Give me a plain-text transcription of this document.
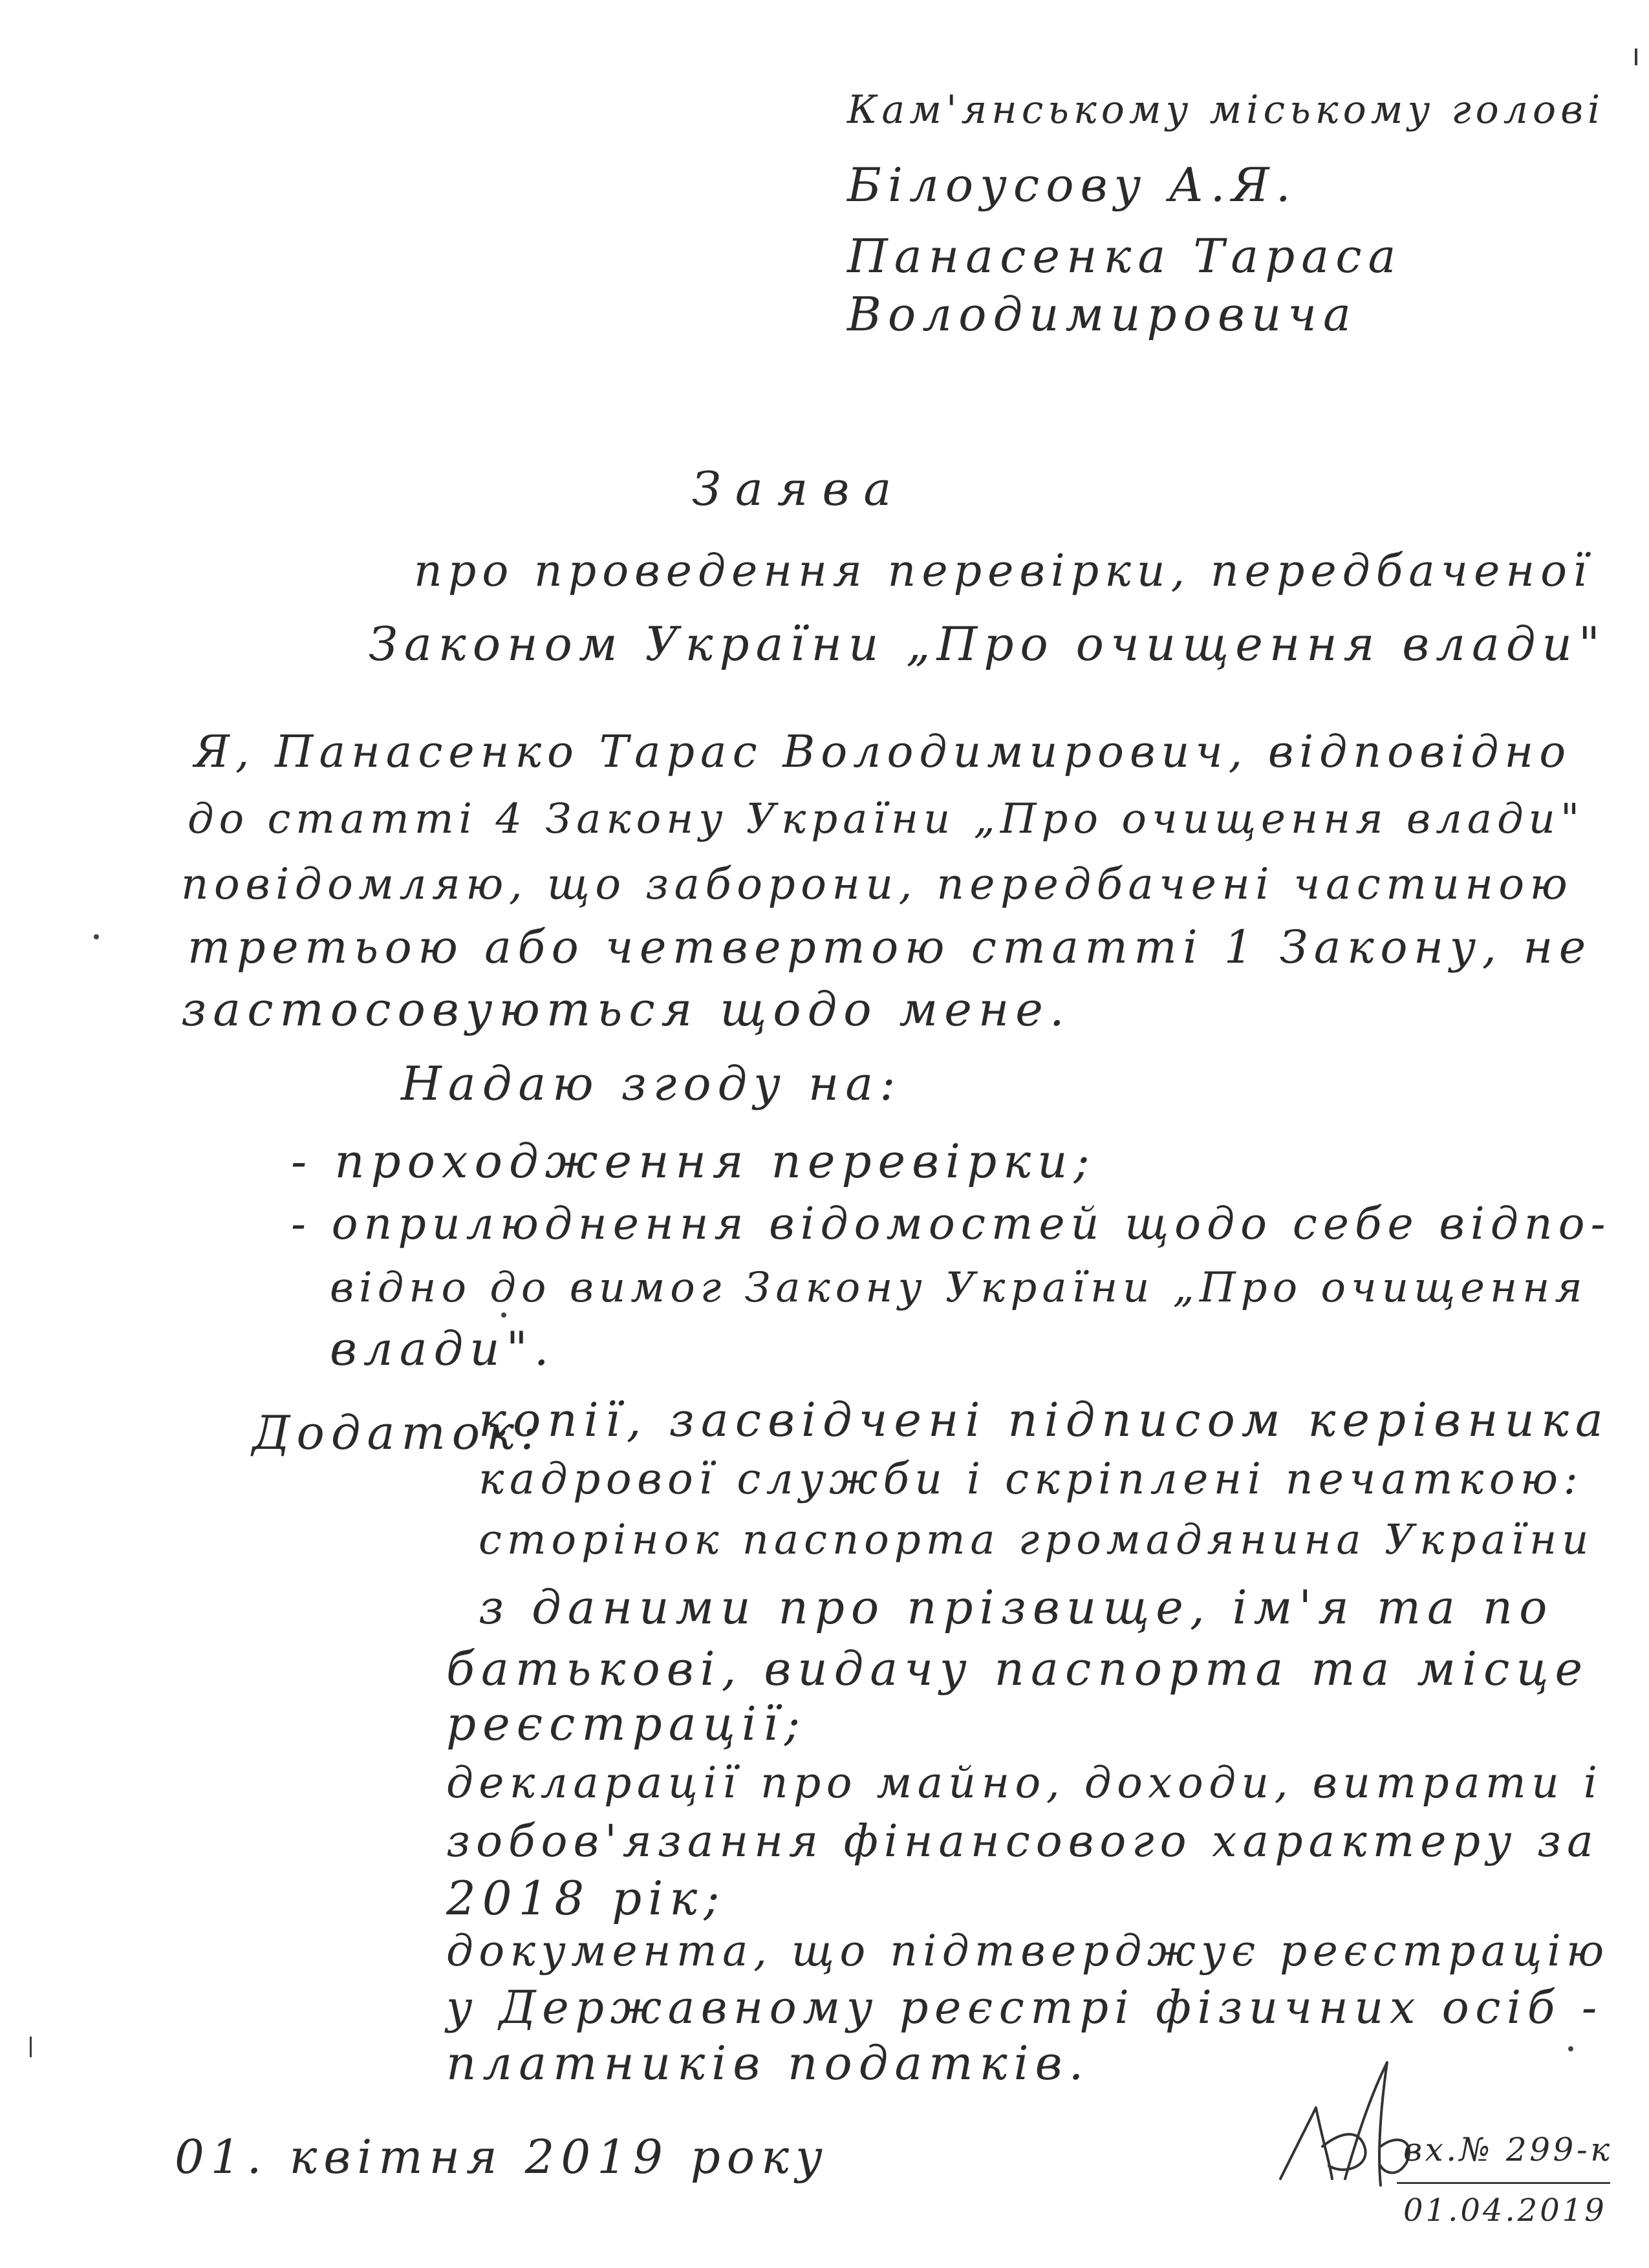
Кам'янському міському голові
Білоусову А.Я.
Панасенка Тараса
Володимировича
Заява
про проведення перевірки, передбаченої
Законом України „Про очищення влади"
Я, Панасенко Тарас Володимирович, відповідно
до статті 4 Закону України „Про очищення влади"
повідомляю, що заборони, передбачені частиною
третьою або четвертою статті 1 Закону, не
застосовуються щодо мене.
Надаю згоду на:
- проходження перевірки;
- оприлюднення відомостей щодо себе відпо-
відно до вимог Закону України „Про очищення
влади".
Додаток:
копії, засвідчені підписом керівника
кадрової служби і скріплені печаткою:
сторінок паспорта громадянина України
з даними про прізвище, ім'я та по
батькові, видачу паспорта та місце
реєстрації;
декларації про майно, доходи, витрати і
зобов'язання фінансового характеру за
2018 рік;
документа, що підтверджує реєстрацію
у Державному реєстрі фізичних осіб -
платників податків.
01. квітня 2019 року	вх.№ 299-к
01.04.2019
